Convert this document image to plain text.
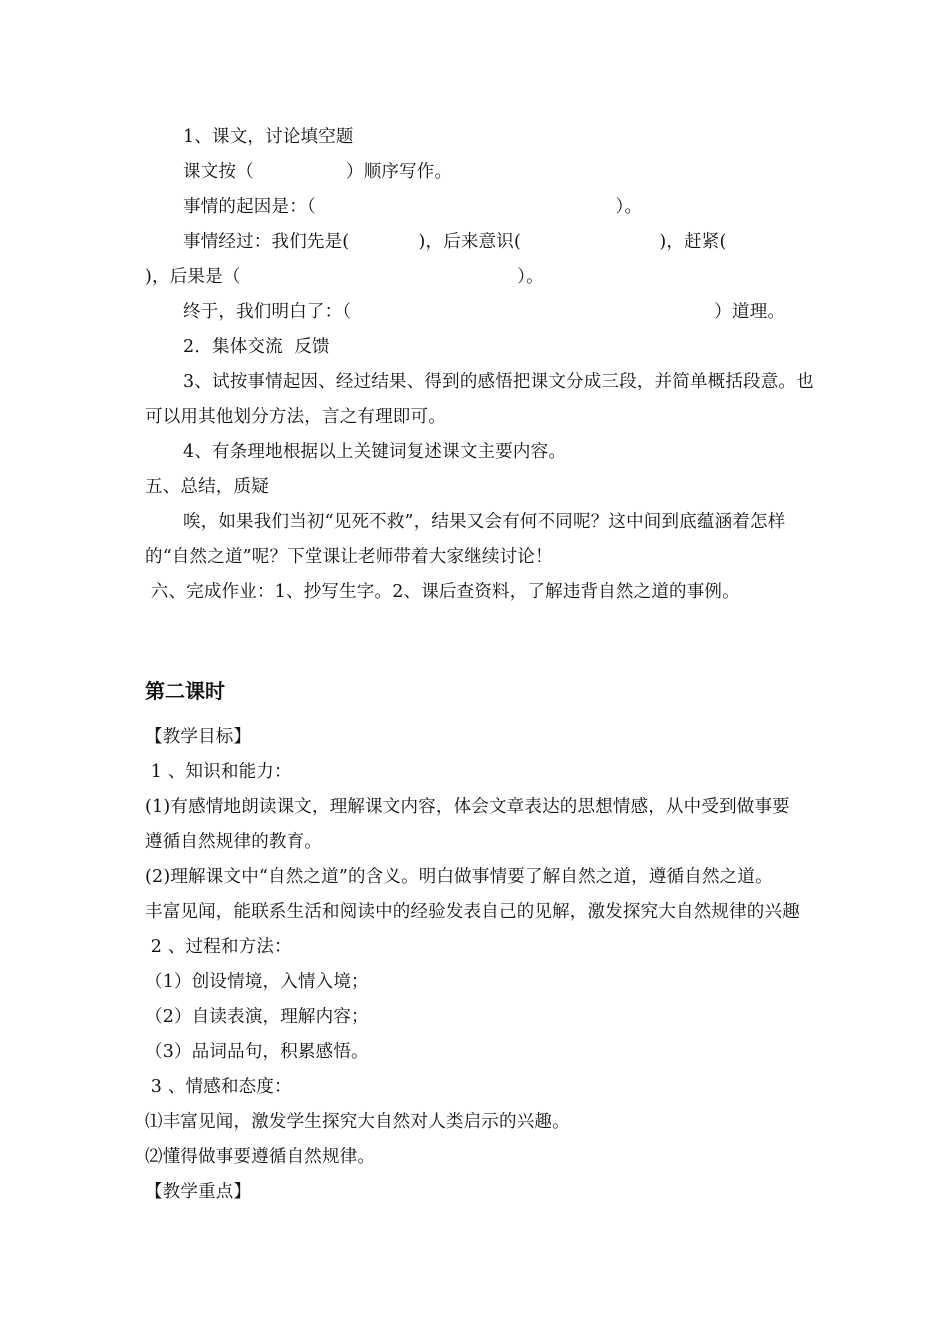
1、课文，讨论填空题
课文按（                ）顺序写作。
事情的起因是：（                                                    ）。
事情经过：我们先是(            )，后来意识(                        )，赶紧(
)，后果是（                                                ）。
终于，我们明白了：（                                                               ）道理。
2．集体交流  反馈
3、试按事情起因、经过结果、得到的感悟把课文分成三段，并简单概括段意。也
可以用其他划分方法，言之有理即可。
4、有条理地根据以上关键词复述课文主要内容。
五、总结，质疑
唉，如果我们当初“见死不救”，结果又会有何不同呢？这中间到底蕴涵着怎样
的“自然之道”呢？下堂课让老师带着大家继续讨论！
六、完成作业：1、抄写生字。2、课后查资料，了解违背自然之道的事例。
第二课时
【教学目标】
1 、知识和能力：
(1)有感情地朗读课文，理解课文内容，体会文章表达的思想情感，从中受到做事要
遵循自然规律的教育。
(2)理解课文中“自然之道”的含义。明白做事情要了解自然之道，遵循自然之道。
丰富见闻，能联系生活和阅读中的经验发表自己的见解，激发探究大自然规律的兴趣
2 、过程和方法：
（1）创设情境，入情入境；
（2）自读表演，理解内容；
（3）品词品句，积累感悟。
3 、情感和态度：
⑴丰富见闻，激发学生探究大自然对人类启示的兴趣。
⑵懂得做事要遵循自然规律。
【教学重点】
